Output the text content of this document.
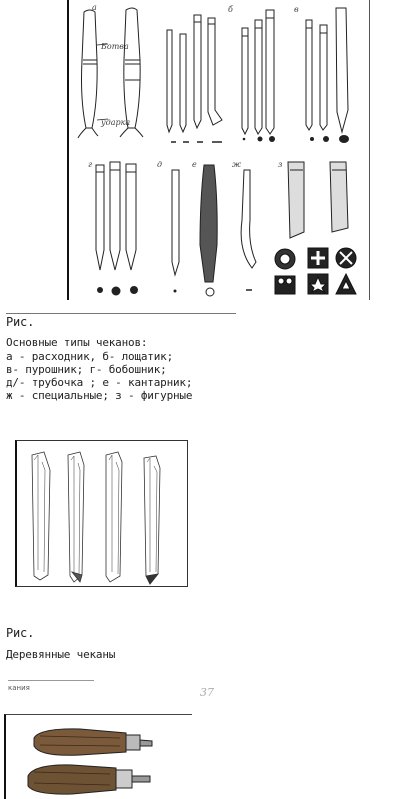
а	б	в
г	д	е	ж	з
Ботва
ударка
Рис.
Основные типы чеканов:
а - расходник, б- лощатик;
в- пурошник; г- бобошник;
д/- трубочка ; е - кантарник;
ж - специальные; з - фигурные
Рис.
Деревянные чеканы
кания	37
